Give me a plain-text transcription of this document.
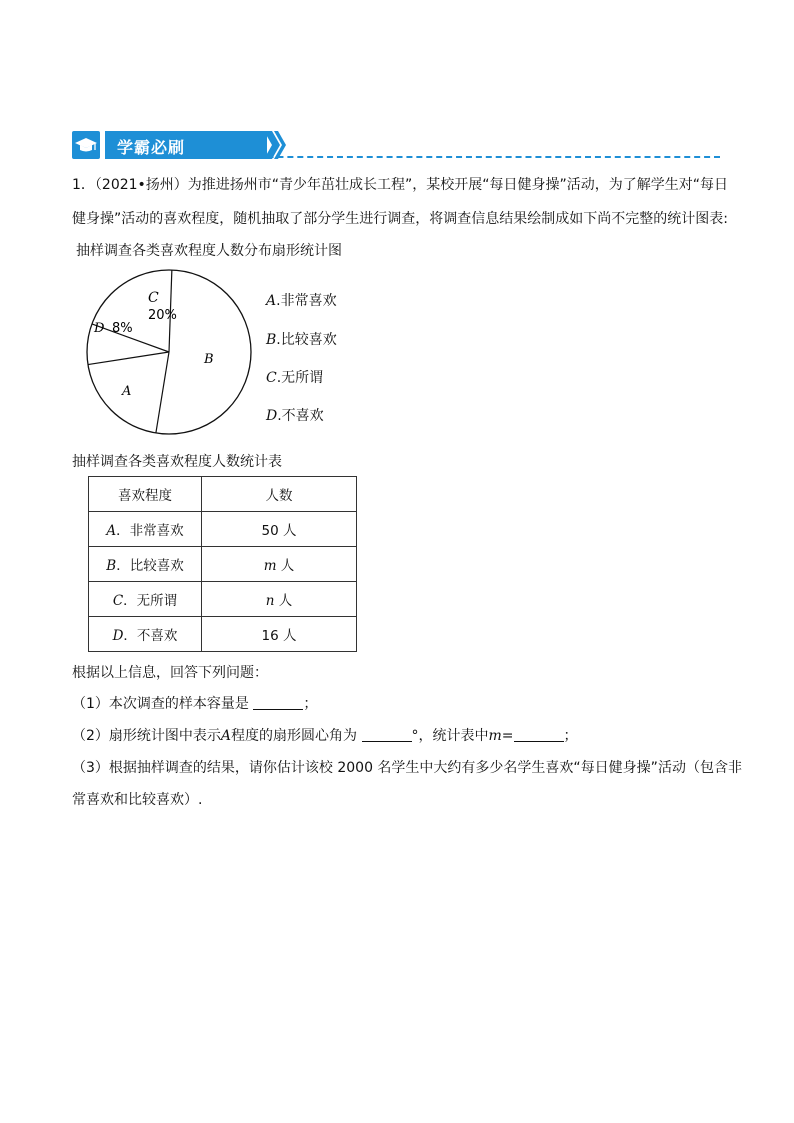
学霸必刷
1．（2021•扬州）为推进扬州市“青少年茁壮成长工程”，某校开展“每日健身操”活动，为了解学生对“每日
健身操”活动的喜欢程度，随机抽取了部分学生进行调查，将调查信息结果绘制成如下尚不完整的统计图表:
抽样调查各类喜欢程度人数分布扇形统计图
C
20%
D 8%
B
A
A.非常喜欢
B.比较喜欢
C.无所谓
D.不喜欢
抽样调查各类喜欢程度人数统计表
喜欢程度	人数
A．非常喜欢	50 人
B．比较喜欢	m 人
C．无所谓	n 人
D．不喜欢	16 人
根据以上信息，回答下列问题：
（1）本次调查的样本容量是	；
（2）扇形统计图中表示A程度的扇形圆心角为	°，统计表中m=	；
（3）根据抽样调查的结果，请你估计该校 2000 名学生中大约有多少名学生喜欢“每日健身操”活动（包含非
常喜欢和比较喜欢）.
